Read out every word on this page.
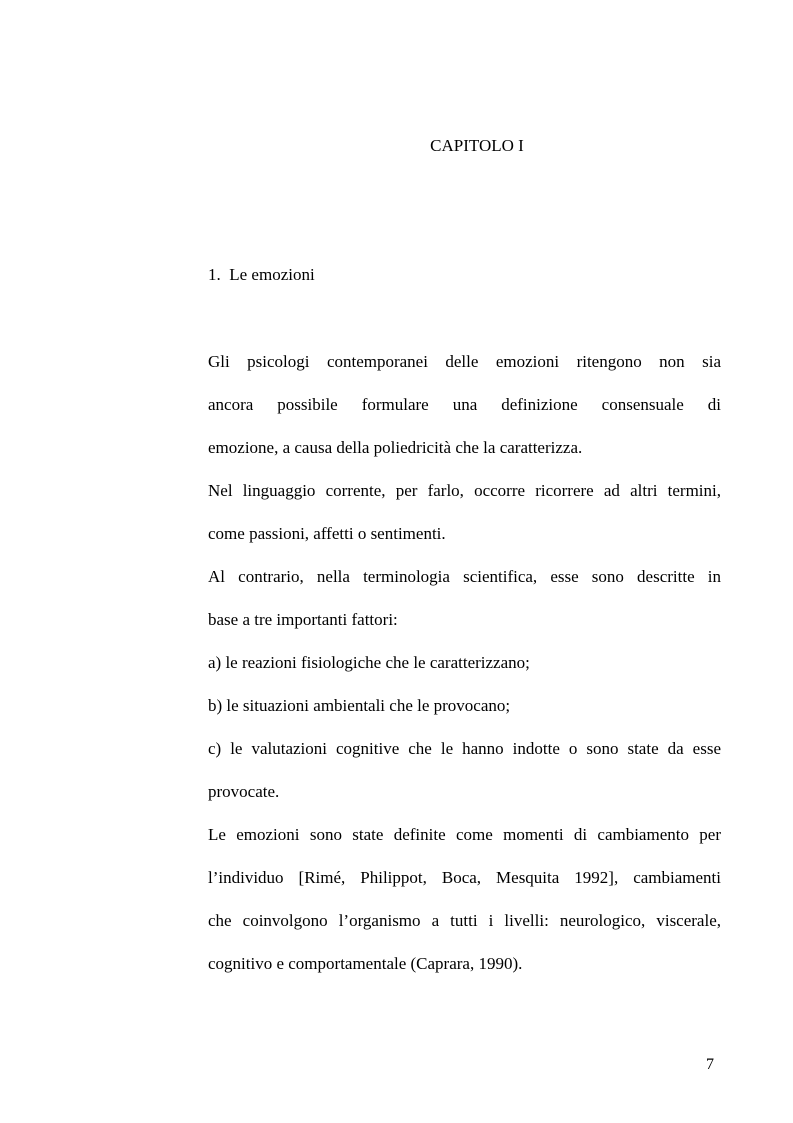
CAPITOLO I
1.  Le emozioni
Gli psicologi contemporanei delle emozioni ritengono non sia
ancora possibile formulare una definizione consensuale di
emozione, a causa della poliedricità che la caratterizza.
Nel linguaggio corrente, per farlo, occorre ricorrere ad altri termini,
come passioni, affetti o sentimenti.
Al contrario, nella terminologia scientifica, esse sono descritte in
base a tre importanti fattori:
a) le reazioni fisiologiche che le caratterizzano;
b) le situazioni ambientali che le provocano;
c) le valutazioni cognitive che le hanno indotte o sono state da esse
provocate.
Le emozioni sono state definite come momenti di cambiamento per
l’individuo [Rimé, Philippot, Boca, Mesquita 1992], cambiamenti
che coinvolgono l’organismo a tutti i livelli: neurologico, viscerale,
cognitivo e comportamentale (Caprara, 1990).
7
